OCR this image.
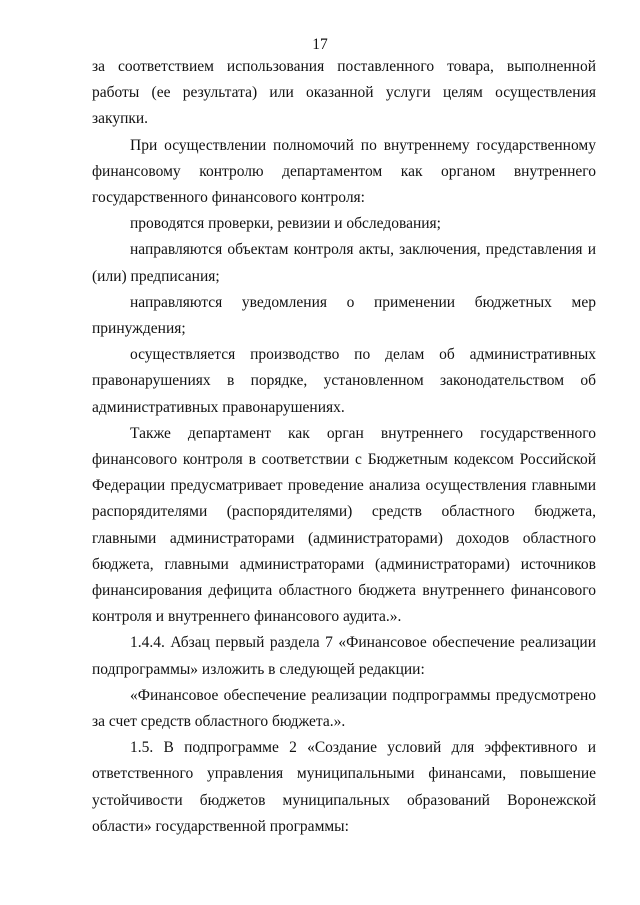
17

за соответствием использования поставленного товара, выполненной работы (ее результата) или оказанной услуги целям осуществления закупки.

При осуществлении полномочий по внутреннему государственному финансовому контролю департаментом как органом внутреннего государственного финансового контроля:

проводятся проверки, ревизии и обследования;

направляются объектам контроля акты, заключения, представления и (или) предписания;

направляются уведомления о применении бюджетных мер принуждения;

осуществляется производство по делам об административных правонарушениях в порядке, установленном законодательством об административных правонарушениях.

Также департамент как орган внутреннего государственного финансового контроля в соответствии с Бюджетным кодексом Российской Федерации предусматривает проведение анализа осуществления главными распорядителями (распорядителями) средств областного бюджета, главными администраторами (администраторами) доходов областного бюджета, главными администраторами (администраторами) источников финансирования дефицита областного бюджета внутреннего финансового контроля и внутреннего финансового аудита.».

1.4.4. Абзац первый раздела 7 «Финансовое обеспечение реализации подпрограммы» изложить в следующей редакции:

«Финансовое обеспечение реализации подпрограммы предусмотрено за счет средств областного бюджета.».

1.5. В подпрограмме 2 «Создание условий для эффективного и ответственного управления муниципальными финансами, повышение устойчивости бюджетов муниципальных образований Воронежской области» государственной программы:
